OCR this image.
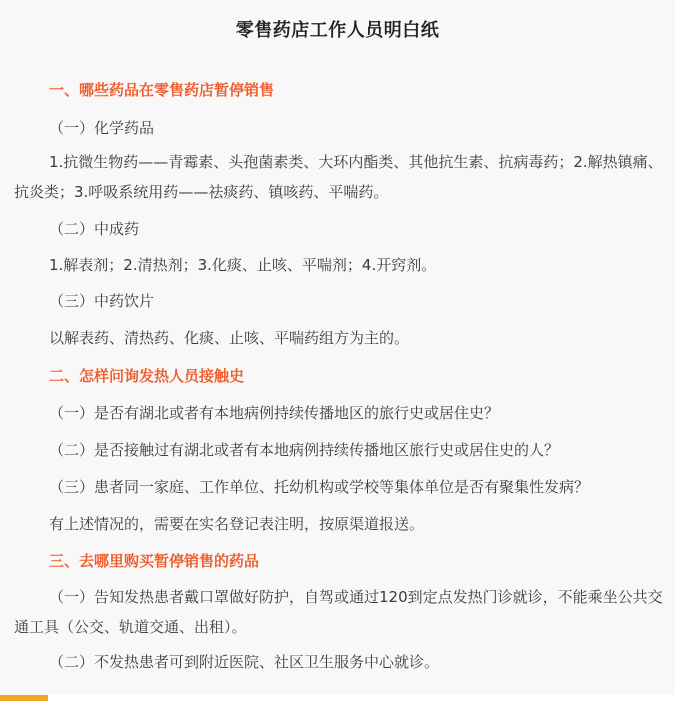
零售药店工作人员明白纸
一、哪些药品在零售药店暂停销售
（一）化学药品
1.抗微生物药——青霉素、头孢菌素类、大环内酯类、其他抗生素、抗病毒药；2.解热镇痛、抗炎类；3.呼吸系统用药——祛痰药、镇咳药、平喘药。
（二）中成药
1.解表剂；2.清热剂；3.化痰、止咳、平喘剂；4.开窍剂。
（三）中药饮片
以解表药、清热药、化痰、止咳、平喘药组方为主的。
二、怎样问询发热人员接触史
（一）是否有湖北或者有本地病例持续传播地区的旅行史或居住史？
（二）是否接触过有湖北或者有本地病例持续传播地区旅行史或居住史的人？
（三）患者同一家庭、工作单位、托幼机构或学校等集体单位是否有聚集性发病？
有上述情况的，需要在实名登记表注明，按原渠道报送。
三、去哪里购买暂停销售的药品
（一）告知发热患者戴口罩做好防护，自驾或通过120到定点发热门诊就诊，不能乘坐公共交通工具（公交、轨道交通、出租）。
（二）不发热患者可到附近医院、社区卫生服务中心就诊。
